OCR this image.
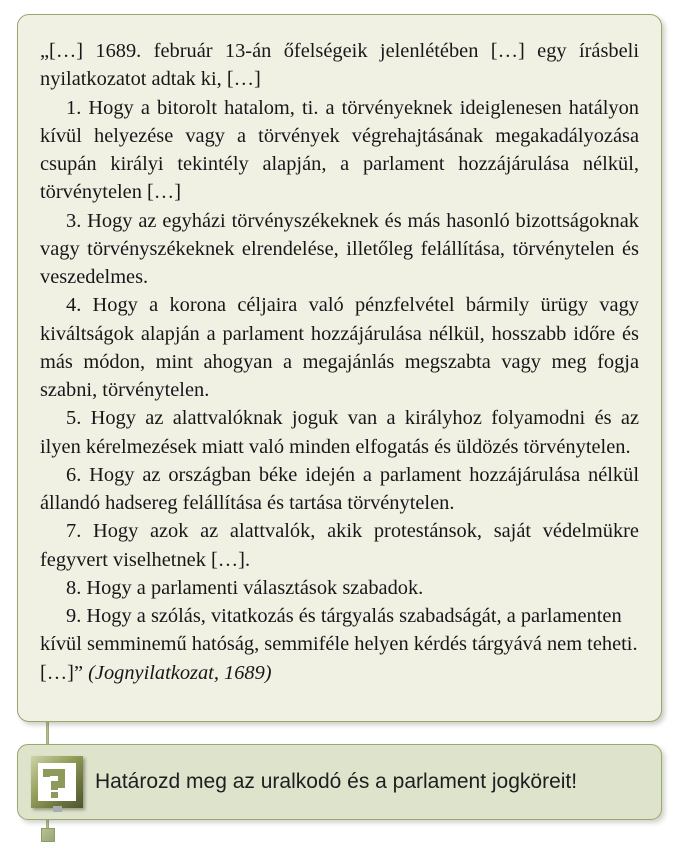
„[…] 1689. február 13-án őfelségeik jelenlétében […] egy írásbeli nyilatkozatot adtak ki, […]

1. Hogy a bitorolt hatalom, ti. a törvényeknek ideiglenesen hatályon kívül helyezése vagy a törvények végrehajtásának megakadályozása csupán királyi tekintély alapján, a parlament hozzájárulása nélkül, törvénytelen […]

3. Hogy az egyházi törvényszékeknek és más hasonló bizottságoknak vagy törvényszékeknek elrendelése, illetőleg felállítása, törvénytelen és veszedelmes.

4. Hogy a korona céljaira való pénzfelvétel bármily ürügy vagy kiváltságok alapján a parlament hozzájárulása nélkül, hosszabb időre és más módon, mint ahogyan a megajánlás megszabta vagy meg fogja szabni, törvénytelen.

5. Hogy az alattvalóknak joguk van a királyhoz folyamodni és az ilyen kérelmezések miatt való minden elfogatás és üldözés törvénytelen.

6. Hogy az országban béke idején a parlament hozzájárulása nélkül állandó hadsereg felállítása és tartása törvénytelen.

7. Hogy azok az alattvalók, akik protestánsok, saját védelmükre fegyvert viselhetnek […].

8. Hogy a parlamenti választások szabadok.

9. Hogy a szólás, vitatkozás és tárgyalás szabadságát, a parlamenten kívül semminemű hatóság, semmiféle helyen kérdés tárgyává nem teheti. […]” (Jognyilatkozat, 1689)

Határozd meg az uralkodó és a parlament jogköreit!
